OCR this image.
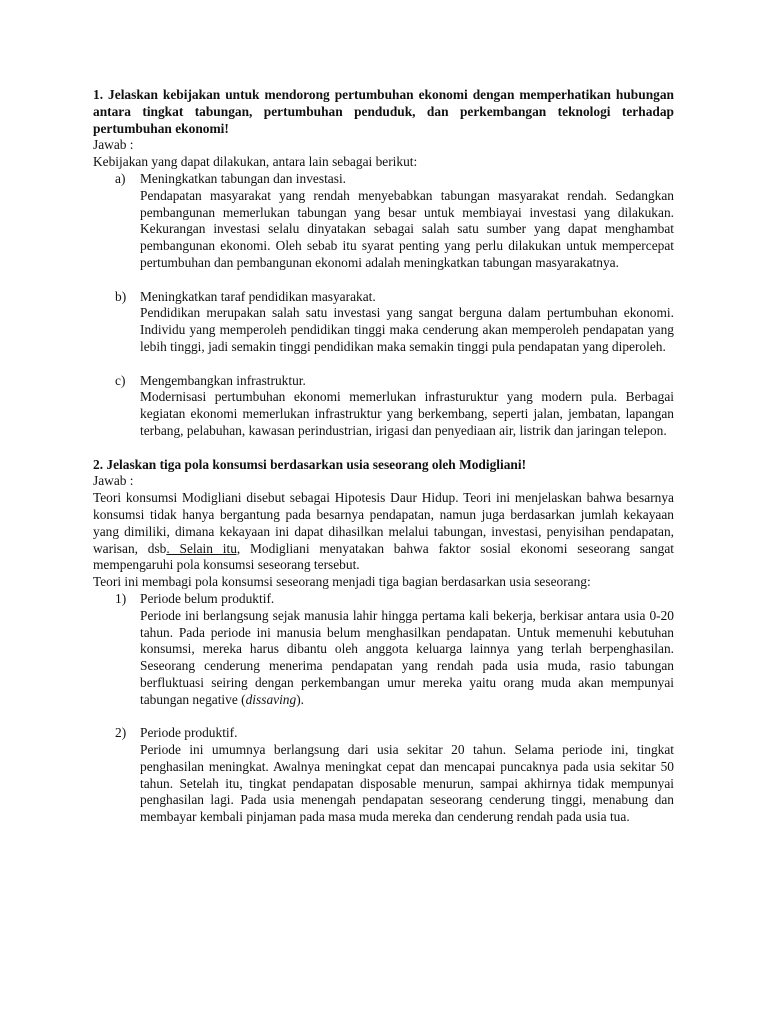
1. Jelaskan kebijakan untuk mendorong pertumbuhan ekonomi dengan memperhatikan hubungan antara tingkat tabungan, pertumbuhan penduduk, dan perkembangan teknologi terhadap pertumbuhan ekonomi!

Jawab :

Kebijakan yang dapat dilakukan, antara lain sebagai berikut:

a) Meningkatkan tabungan dan investasi.

Pendapatan masyarakat yang rendah menyebabkan tabungan masyarakat rendah. Sedangkan pembangunan memerlukan tabungan yang besar untuk membiayai investasi yang dilakukan. Kekurangan investasi selalu dinyatakan sebagai salah satu sumber yang dapat menghambat pembangunan ekonomi. Oleh sebab itu syarat penting yang perlu dilakukan untuk mempercepat pertumbuhan dan pembangunan ekonomi adalah meningkatkan tabungan masyarakatnya.

b) Meningkatkan taraf pendidikan masyarakat.

Pendidikan merupakan salah satu investasi yang sangat berguna dalam pertumbuhan ekonomi. Individu yang memperoleh pendidikan tinggi maka cenderung akan memperoleh pendapatan yang lebih tinggi, jadi semakin tinggi pendidikan maka semakin tinggi pula pendapatan yang diperoleh.

c) Mengembangkan infrastruktur.

Modernisasi pertumbuhan ekonomi memerlukan infrasturuktur yang modern pula. Berbagai kegiatan ekonomi memerlukan infrastruktur yang berkembang, seperti jalan, jembatan, lapangan terbang, pelabuhan, kawasan perindustrian, irigasi dan penyediaan air, listrik dan jaringan telepon.

2. Jelaskan tiga pola konsumsi berdasarkan usia seseorang oleh Modigliani!

Jawab :

Teori konsumsi Modigliani disebut sebagai Hipotesis Daur Hidup. Teori ini menjelaskan bahwa besarnya konsumsi tidak hanya bergantung pada besarnya pendapatan, namun juga berdasarkan jumlah kekayaan yang dimiliki, dimana kekayaan ini dapat dihasilkan melalui tabungan, investasi, penyisihan pendapatan, warisan, dsb. Selain itu, Modigliani menyatakan bahwa faktor sosial ekonomi seseorang sangat mempengaruhi pola konsumsi seseorang tersebut.

Teori ini membagi pola konsumsi seseorang menjadi tiga bagian berdasarkan usia seseorang:

1) Periode belum produktif.

Periode ini berlangsung sejak manusia lahir hingga pertama kali bekerja, berkisar antara usia 0-20 tahun. Pada periode ini manusia belum menghasilkan pendapatan. Untuk memenuhi kebutuhan konsumsi, mereka harus dibantu oleh anggota keluarga lainnya yang terlah berpenghasilan. Seseorang cenderung menerima pendapatan yang rendah pada usia muda, rasio tabungan berfluktuasi seiring dengan perkembangan umur mereka yaitu orang muda akan mempunyai tabungan negative (dissaving).

2) Periode produktif.

Periode ini umumnya berlangsung dari usia sekitar 20 tahun. Selama periode ini, tingkat penghasilan meningkat. Awalnya meningkat cepat dan mencapai puncaknya pada usia sekitar 50 tahun. Setelah itu, tingkat pendapatan disposable menurun, sampai akhirnya tidak mempunyai penghasilan lagi. Pada usia menengah pendapatan seseorang cenderung tinggi, menabung dan membayar kembali pinjaman pada masa muda mereka dan cenderung rendah pada usia tua.
